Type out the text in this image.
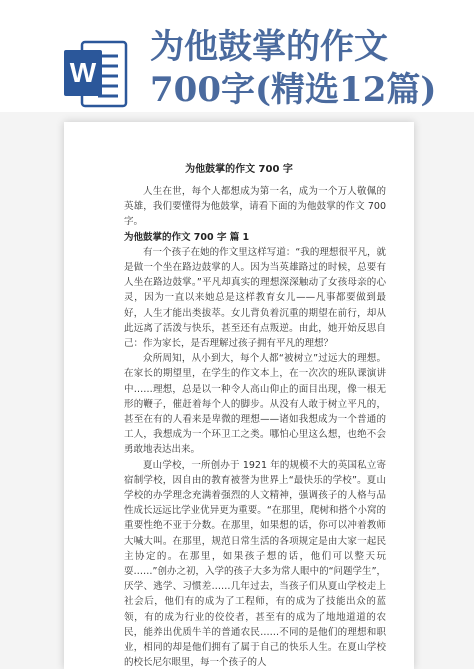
W
为他鼓掌的作文700字(精选12篇)
为他鼓掌的作文 700 字

人生在世，每个人都想成为第一名，成为一个万人敬佩的英雄，我们要懂得为他鼓掌，请看下面的为他鼓掌的作文 700 字。

为他鼓掌的作文 700 字 篇 1

有一个孩子在她的作文里这样写道：“我的理想很平凡，就是做一个坐在路边鼓掌的人。因为当英雄路过的时候，总要有人坐在路边鼓掌。”平凡却真实的理想深深触动了女孩母亲的心灵，因为一直以来她总是这样教育女儿——凡事都要做到最好，人生才能出类拔萃。女儿背负着沉重的期望在前行，却从此远离了活泼与快乐，甚至还有点叛逆。由此，她开始反思自己：作为家长，是否理解过孩子拥有平凡的理想？

众所周知，从小到大，每个人都“被树立”过远大的理想。在家长的期望里，在学生的作文本上，在一次次的班队课演讲中……理想，总是以一种令人高山仰止的面目出现，像一根无形的鞭子，催赶着每个人的脚步。从没有人敢于树立平凡的，甚至在有的人看来是卑微的理想——诸如我想成为一个普通的工人，我想成为一个环卫工之类。哪怕心里这么想，也绝不会勇敢地表达出来。

夏山学校，一所创办于 1921 年的规模不大的英国私立寄宿制学校，因自由的教育被誉为世界上“最快乐的学校”。夏山学校的办学理念充满着强烈的人文精神，强调孩子的人格与品性成长远远比学业优异更为重要。“在那里，爬树和搭个小窝的重要性绝不亚于分数。在那里，如果想的话，你可以冲着教师大喊大叫。在那里，规范日常生活的各项规定是由大家一起民主协定的。在那里，如果孩子想的话，他们可以整天玩耍……”创办之初，入学的孩子大多为常人眼中的“问题学生”，厌学、逃学、习惯差……几年过去，当孩子们从夏山学校走上社会后，他们有的成为了工程师，有的成为了技能出众的蓝领，有的成为行业的佼佼者，甚至有的成为了地地道道的农民，能养出优质牛羊的普通农民……不同的是他们的理想和职业，相同的却是他们拥有了属于自己的快乐人生。在夏山学校的校长尼尔眼里，每一个孩子的人
